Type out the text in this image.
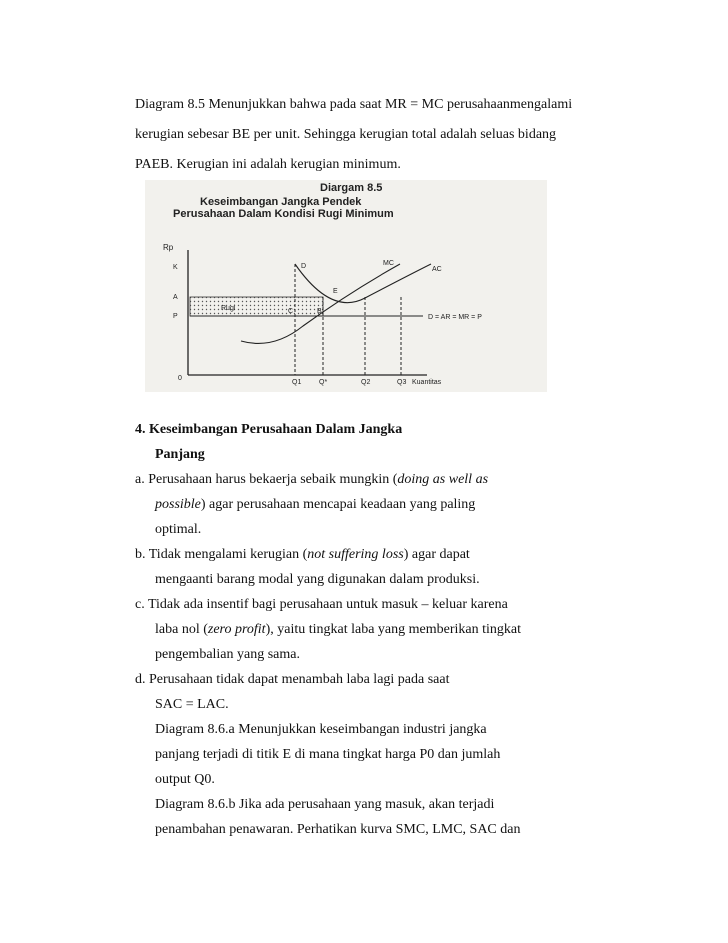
Diagram 8.5 Menunjukkan bahwa pada saat MR = MC perusahaanmengalami
kerugian sebesar BE per unit. Sehingga kerugian total adalah seluas bidang
PAEB. Kerugian ini adalah kerugian minimum.
Diargam 8.5
Keseimbangan Jangka Pendek
Perusahaan Dalam Kondisi Rugi Minimum
Rp
0
K
A
P
Rugi
D = AR = MR = P
AC
MC
D
E
C	B
Q1	Q*	Q2	Q3 Kuantitas
4. Keseimbangan Perusahaan Dalam Jangka
Panjang
a. Perusahaan harus bekaerja sebaik mungkin (doing as well as
possible) agar perusahaan mencapai keadaan yang paling
optimal.
b. Tidak mengalami kerugian (not suffering loss) agar dapat
mengaanti barang modal yang digunakan dalam produksi.
c. Tidak ada insentif bagi perusahaan untuk masuk – keluar karena
laba nol (zero profit), yaitu tingkat laba yang memberikan tingkat
pengembalian yang sama.
d. Perusahaan tidak dapat menambah laba lagi pada saat
SAC = LAC.
Diagram 8.6.a Menunjukkan keseimbangan industri jangka
panjang terjadi di titik E di mana tingkat harga P0 dan jumlah
output Q0.
Diagram 8.6.b Jika ada perusahaan yang masuk, akan terjadi
penambahan penawaran. Perhatikan kurva SMC, LMC, SAC dan
